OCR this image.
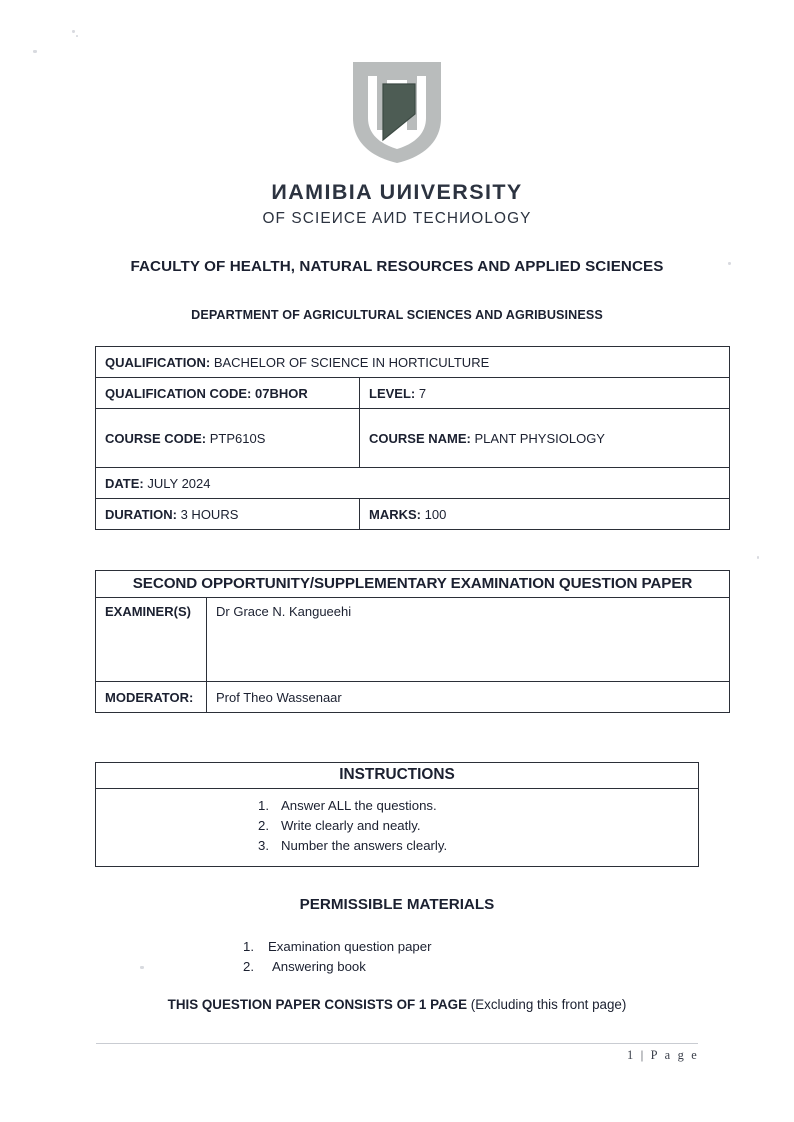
ИAMIBIA UИIVERSITY
OF SCIEИCE AИD TECHИOLOGY
FACULTY OF HEALTH, NATURAL RESOURCES AND APPLIED SCIENCES
DEPARTMENT OF AGRICULTURAL SCIENCES AND AGRIBUSINESS
QUALIFICATION: BACHELOR OF SCIENCE IN HORTICULTURE	
QUALIFICATION CODE: 07BHOR	LEVEL: 7
COURSE CODE: PTP610S	COURSE NAME: PLANT PHYSIOLOGY
DATE: JULY 2024	
DURATION: 3 HOURS	MARKS: 100
SECOND OPPORTUNITY/SUPPLEMENTARY EXAMINATION QUESTION PAPER	
EXAMINER(S)	Dr Grace N. Kangueehi
MODERATOR:	Prof Theo Wassenaar
INSTRUCTIONS
1. Answer ALL the questions.
2. Write clearly and neatly.
3. Number the answers clearly.
PERMISSIBLE MATERIALS
1. Examination question paper
2. Answering book
THIS QUESTION PAPER CONSISTS OF 1 PAGE (Excluding this front page)
1 | P a g e
